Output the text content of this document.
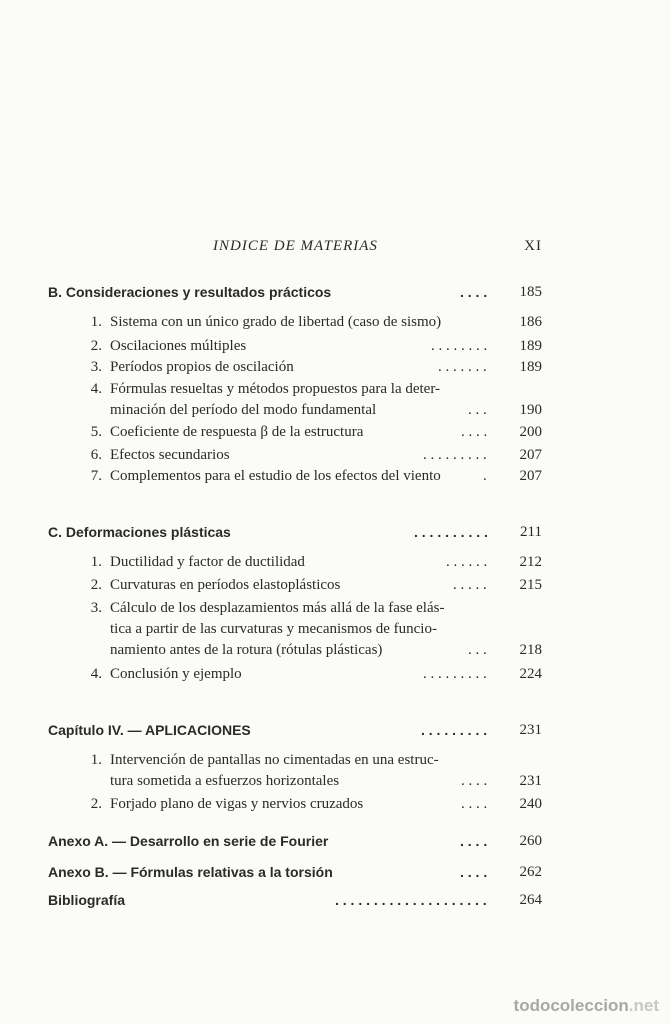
INDICE DE MATERIAS	XI
B. Consideraciones y resultados prácticos	. . . . 185
1. Sistema con un único grado de libertad (caso de sismo)	186
2. Oscilaciones múltiples	. . . . . . . . 189
3. Períodos propios de oscilación	. . . . . . . 189
4. Fórmulas resueltas y métodos propuestos para la deter-
minación del período del modo fundamental	. . . 190
5. Coeficiente de respuesta β de la estructura	. . . . 200
6. Efectos secundarios	. . . . . . . . . 207
7. Complementos para el estudio de los efectos del viento	. 207
C. Deformaciones plásticas	. . . . . . . . . . 211
1. Ductilidad y factor de ductilidad	. . . . . . 212
2. Curvaturas en períodos elastoplásticos	. . . . . 215
3. Cálculo de los desplazamientos más allá de la fase elás-
tica a partir de las curvaturas y mecanismos de funcio-
namiento antes de la rotura (rótulas plásticas)	. . . 218
4. Conclusión y ejemplo	. . . . . . . . . 224
Capítulo IV. — APLICACIONES	. . . . . . . . . 231
1. Intervención de pantallas no cimentadas en una estruc-
tura sometida a esfuerzos horizontales	. . . . 231
2. Forjado plano de vigas y nervios cruzados	. . . . 240
Anexo A. — Desarrollo en serie de Fourier	. . . . 260
Anexo B. — Fórmulas relativas a la torsión	. . . . 262
Bibliografía	. . . . . . . . . . . . . . . . . . . . 264
todocoleccion.net
